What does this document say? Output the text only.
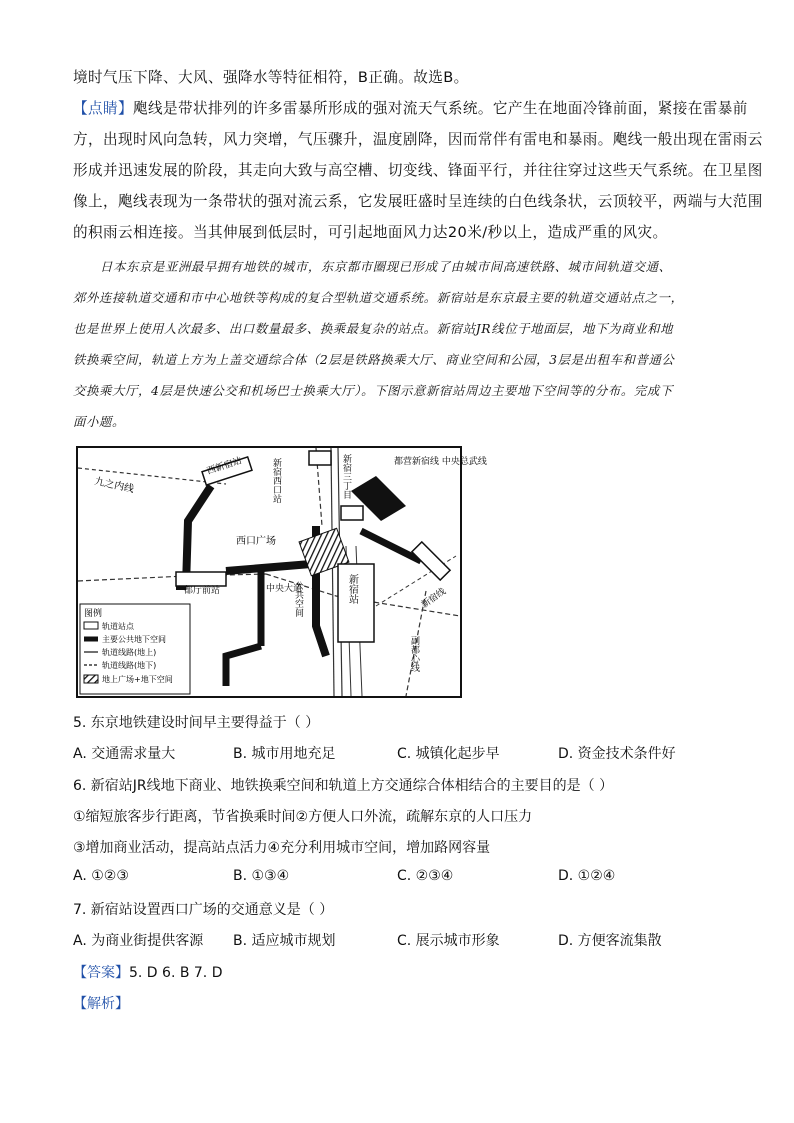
境时气压下降、大风、强降水等特征相符，B正确。故选B。
【点睛】飑线是带状排列的许多雷暴所形成的强对流天气系统。它产生在地面冷锋前面，紧接在雷暴前
方，出现时风向急转，风力突增，气压骤升，温度剧降，因而常伴有雷电和暴雨。飑线一般出现在雷雨云
形成并迅速发展的阶段，其走向大致与高空槽、切变线、锋面平行，并往往穿过这些天气系统。在卫星图
像上，飑线表现为一条带状的强对流云系，它发展旺盛时呈连续的白色线条状，云顶较平，两端与大范围
的积雨云相连接。当其伸展到低层时，可引起地面风力达20米/秒以上，造成严重的风灾。
日本东京是亚洲最早拥有地铁的城市，东京都市圈现已形成了由城市间高速铁路、城市间轨道交通、
郊外连接轨道交通和市中心地铁等构成的复合型轨道交通系统。新宿站是东京最主要的轨道交通站点之一，
也是世界上使用人次最多、出口数量最多、换乘最复杂的站点。新宿站JR线位于地面层，地下为商业和地
铁换乘空间，轨道上方为上盖交通综合体（2层是铁路换乘大厅、商业空间和公园，3层是出租车和普通公
交换乘大厅，4层是快速公交和机场巴士换乘大厅）。下图示意新宿站周边主要地下空间等的分布。完成下
面小题。
九之内线
西新宿站	新宿西口站	新宿三丁目	都营新宿线 中央总武线
西口广场
中央大道
都厅前站	公共空间	新宿站	新宿线
副都心线
图例
轨道站点
主要公共地下空间
轨道线路(地上)
轨道线路(地下)
地上广场+地下空间
5. 东京地铁建设时间早主要得益于（ ）
A. 交通需求量大	B. 城市用地充足	C. 城镇化起步早	D. 资金技术条件好
6. 新宿站JR线地下商业、地铁换乘空间和轨道上方交通综合体相结合的主要目的是（ ）
①缩短旅客步行距离，节省换乘时间②方便人口外流，疏解东京的人口压力
③增加商业活动，提高站点活力④充分利用城市空间，增加路网容量
A. ①②③	B. ①③④	C. ②③④	D. ①②④
7. 新宿站设置西口广场的交通意义是（ ）
A. 为商业街提供客源 B. 适应城市规划	C. 展示城市形象	D. 方便客流集散
【答案】5. D 6. B 7. D
【解析】
